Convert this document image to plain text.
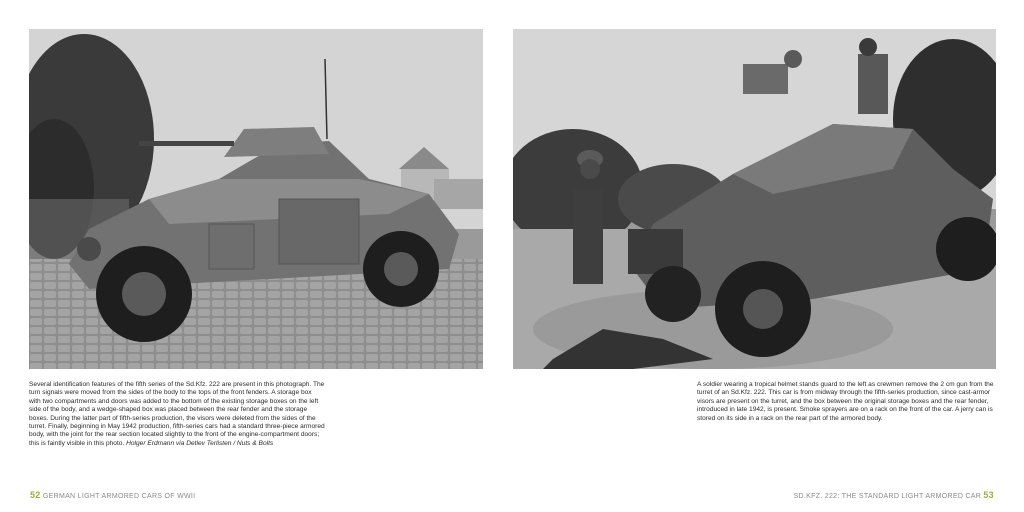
Several identification features of the fifth series of the Sd.Kfz. 222 are present in this photograph. The turn signals were moved from the sides of the body to the tops of the front fenders. A storage box with two compartments and doors was added to the bottom of the existing storage boxes on the left side of the body, and a wedge-shaped box was placed between the rear fender and the storage boxes. During the latter part of fifth-series production, the visors were deleted from the sides of the turret. Finally, beginning in May 1942 production, fifth-series cars had a standard three-piece armored body, with the joint for the rear section located slightly to the front of the engine-compartment doors; this is faintly visible in this photo. Holger Erdmann via Detlev Terlisten / Nuts & Bolts
A soldier wearing a tropical helmet stands guard to the left as crewmen remove the 2 cm gun from the turret of an Sd.Kfz. 222. This car is from midway through the fifth-series production, since cast-armor visors are present on the turret, and the box between the original storage boxes and the rear fender, introduced in late 1942, is present. Smoke sprayers are on a rack on the front of the car. A jerry can is stored on its side in a rack on the rear part of the armored body.
52 GERMAN LIGHT ARMORED CARS OF WWII	SD.KFZ. 222: THE STANDARD LIGHT ARMORED CAR 53
